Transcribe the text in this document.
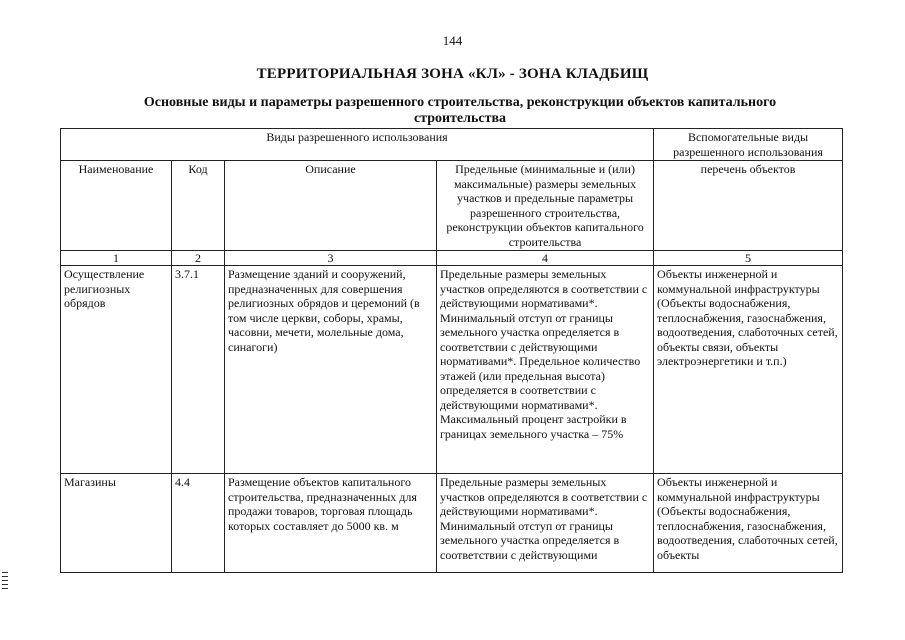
144
ТЕРРИТОРИАЛЬНАЯ ЗОНА «КЛ» - ЗОНА КЛАДБИЩ
Основные виды и параметры разрешенного строительства, реконструкции объектов капитального строительства
Виды разрешенного использования				Вспомогательные виды разрешенного использования
Наименование	Код	Описание	Предельные (минимальные и (или) максимальные) размеры земельных участков и предельные параметры разрешенного строительства, реконструкции объектов капитального строительства	перечень объектов
1	2	3	4	5
Осуществление религиозных обрядов	3.7.1	Размещение зданий и сооружений, предназначенных для совершения религиозных обрядов и церемоний (в том числе церкви, соборы, храмы, часовни, мечети, молельные дома, синагоги)	Предельные размеры земельных участков определяются в соответствии с действующими нормативами*. Минимальный отступ от границы земельного участка определяется в соответствии с действующими нормативами*. Предельное количество этажей (или предельная высота) определяется в соответствии с действующими нормативами*. Максимальный процент застройки в границах земельного участка – 75%	Объекты инженерной и коммунальной инфраструктуры (Объекты водоснабжения, теплоснабжения, газоснабжения, водоотведения, слаботочных сетей, объекты связи, объекты электроэнергетики и т.п.)

Магазины	4.4	Размещение объектов капитального строительства, предназначенных для продажи товаров, торговая площадь которых составляет до 5000 кв. м	Предельные размеры земельных участков определяются в соответствии с действующими нормативами*. Минимальный отступ от границы земельного участка определяется в соответствии с действующими	Объекты инженерной и коммунальной инфраструктуры (Объекты водоснабжения, теплоснабжения, газоснабжения, водоотведения, слаботочных сетей, объекты
